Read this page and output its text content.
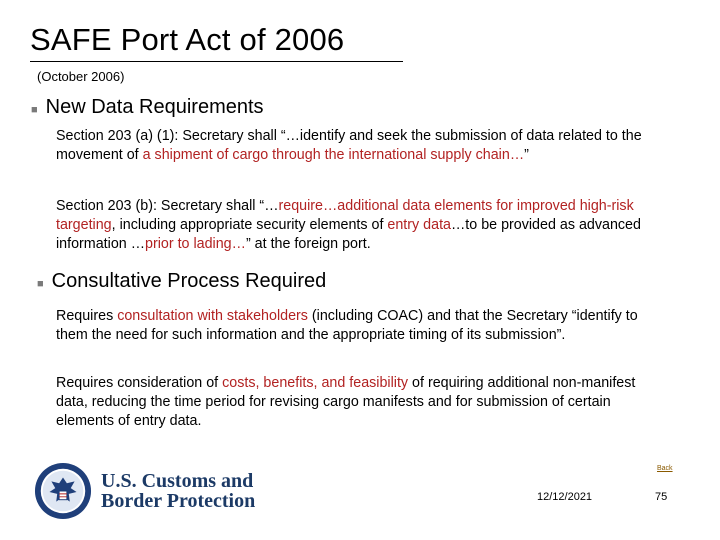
SAFE Port Act of 2006
(October 2006)
■ New Data Requirements
Section 203 (a) (1): Secretary shall “…identify and seek the submission of data related to the movement of a shipment of cargo through the international supply chain…”
Section 203 (b): Secretary shall “…require…additional data elements for improved high-risk targeting, including appropriate security elements of entry data…to be provided as advanced information …prior to lading…” at the foreign port.
■ Consultative Process Required
Requires consultation with stakeholders (including COAC) and that the Secretary “identify to them the need for such information and the appropriate timing of its submission”.
Requires consideration of costs, benefits, and feasibility of requiring additional non-manifest data, reducing the time period for revising cargo manifests and for submission of certain elements of entry data.
U.S. Customs and
Border Protection
Back
12/12/2021	75
